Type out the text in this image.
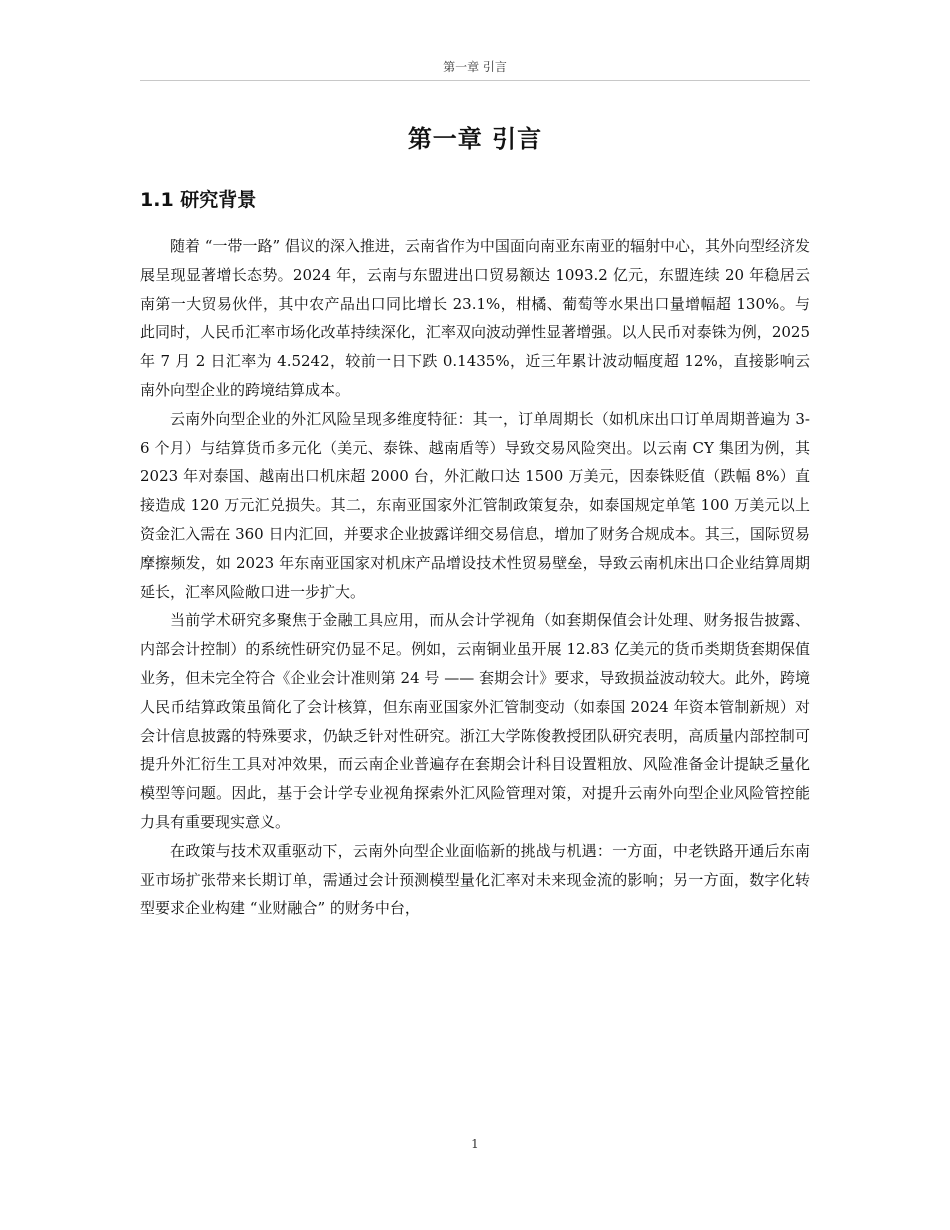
第一章 引言
第一章 引言
1.1 研究背景

随着 “一带一路” 倡议的深入推进，云南省作为中国面向南亚东南亚的辐射中心，其外向型经济发展呈现显著增长态势。2024 年，云南与东盟进出口贸易额达 1093.2 亿元，东盟连续 20 年稳居云南第一大贸易伙伴，其中农产品出口同比增长 23.1%，柑橘、葡萄等水果出口量增幅超 130%。与此同时，人民币汇率市场化改革持续深化，汇率双向波动弹性显著增强。以人民币对泰铢为例，2025 年 7 月 2 日汇率为 4.5242，较前一日下跌 0.1435%，近三年累计波动幅度超 12%，直接影响云南外向型企业的跨境结算成本。

云南外向型企业的外汇风险呈现多维度特征：其一，订单周期长（如机床出口订单周期普遍为 3-6 个月）与结算货币多元化（美元、泰铢、越南盾等）导致交易风险突出。以云南 CY 集团为例，其 2023 年对泰国、越南出口机床超 2000 台，外汇敞口达 1500 万美元，因泰铢贬值（跌幅 8%）直接造成 120 万元汇兑损失。其二，东南亚国家外汇管制政策复杂，如泰国规定单笔 100 万美元以上资金汇入需在 360 日内汇回，并要求企业披露详细交易信息，增加了财务合规成本。其三，国际贸易摩擦频发，如 2023 年东南亚国家对机床产品增设技术性贸易壁垒，导致云南机床出口企业结算周期延长，汇率风险敞口进一步扩大。

当前学术研究多聚焦于金融工具应用，而从会计学视角（如套期保值会计处理、财务报告披露、内部会计控制）的系统性研究仍显不足。例如，云南铜业虽开展 12.83 亿美元的货币类期货套期保值业务，但未完全符合《企业会计准则第 24 号 —— 套期会计》要求，导致损益波动较大。此外，跨境人民币结算政策虽简化了会计核算，但东南亚国家外汇管制变动（如泰国 2024 年资本管制新规）对会计信息披露的特殊要求，仍缺乏针对性研究。浙江大学陈俊教授团队研究表明，高质量内部控制可提升外汇衍生工具对冲效果，而云南企业普遍存在套期会计科目设置粗放、风险准备金计提缺乏量化模型等问题。因此，基于会计学专业视角探索外汇风险管理对策，对提升云南外向型企业风险管控能力具有重要现实意义。

在政策与技术双重驱动下，云南外向型企业面临新的挑战与机遇：一方面，中老铁路开通后东南亚市场扩张带来长期订单，需通过会计预测模型量化汇率对未来现金流的影响；另一方面，数字化转型要求企业构建 “业财融合” 的财务中台，

1
